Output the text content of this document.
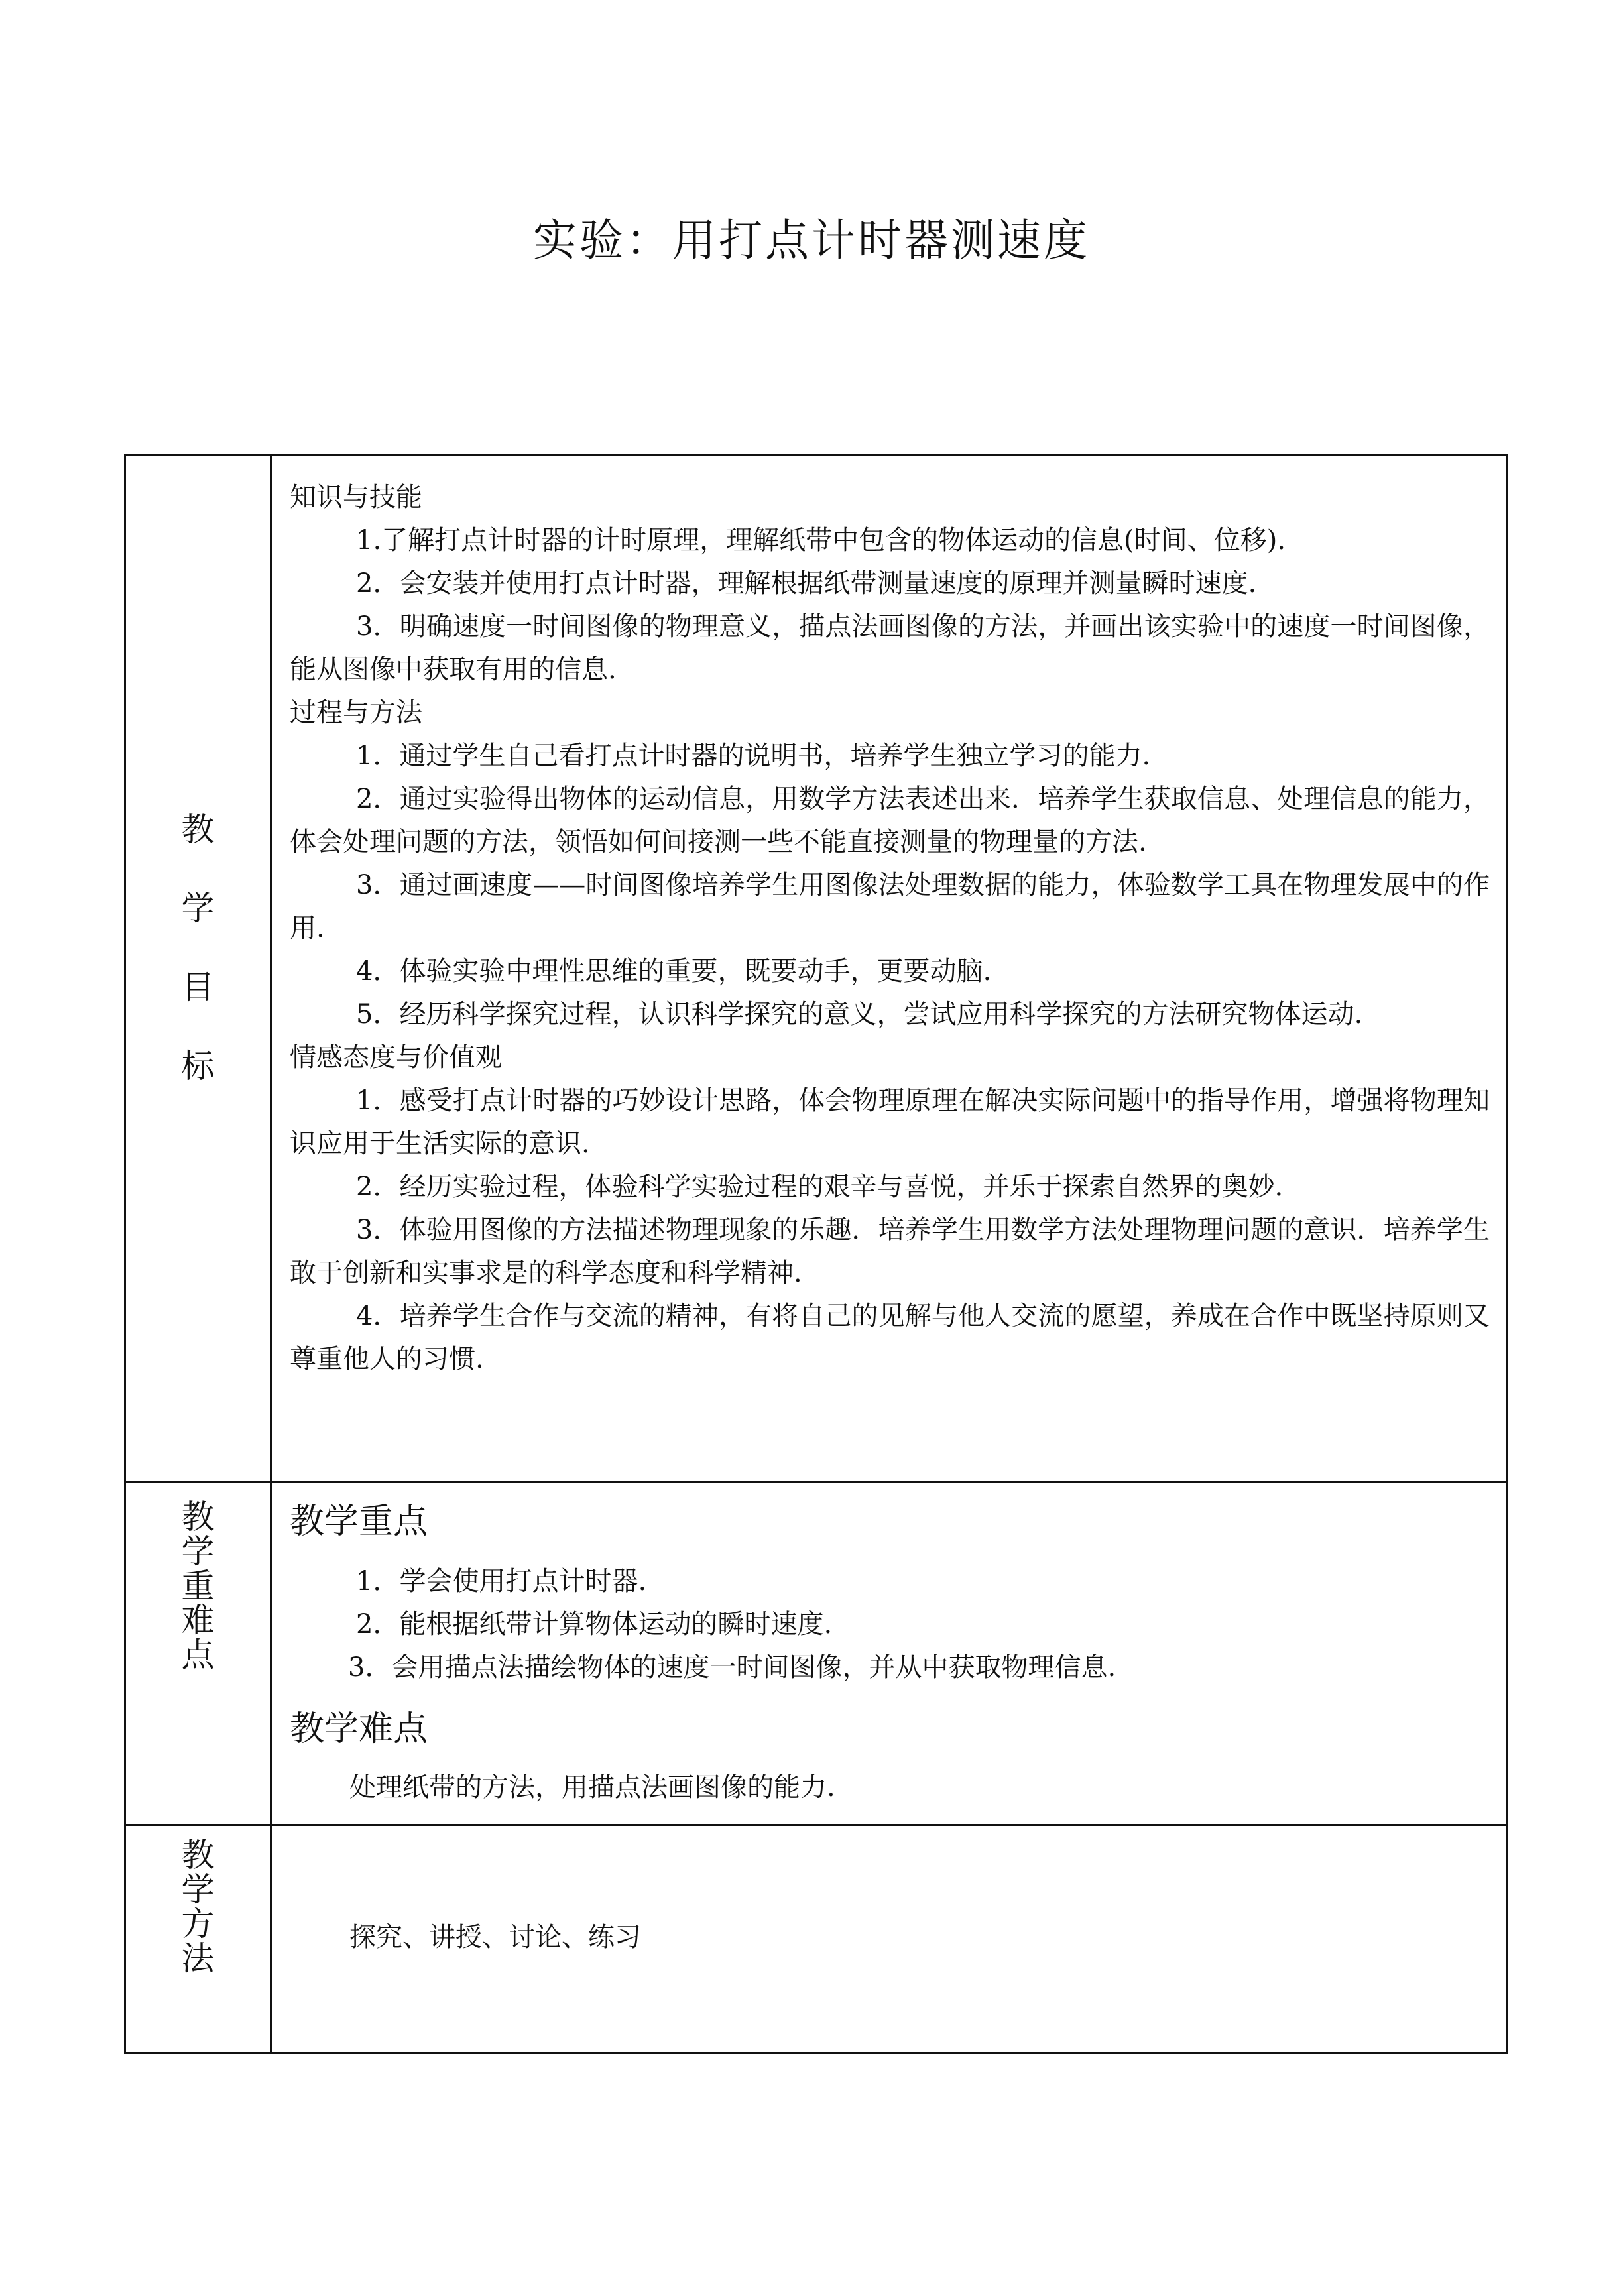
实验：用打点计时器测速度
教
学
目
标

知识与技能

1.了解打点计时器的计时原理，理解纸带中包含的物体运动的信息(时间、位移).

2．会安装并使用打点计时器，理解根据纸带测量速度的原理并测量瞬时速度.

3．明确速度一时间图像的物理意义，描点法画图像的方法，并画出该实验中的速度一时间图像，能从图像中获取有用的信息.

过程与方法

1．通过学生自己看打点计时器的说明书，培养学生独立学习的能力.

2．通过实验得出物体的运动信息，用数学方法表述出来．培养学生获取信息、处理信息的能力，体会处理问题的方法，领悟如何间接测一些不能直接测量的物理量的方法.

3．通过画速度——时间图像培养学生用图像法处理数据的能力，体验数学工具在物理发展中的作用.

4．体验实验中理性思维的重要，既要动手，更要动脑.

5．经历科学探究过程，认识科学探究的意义，尝试应用科学探究的方法研究物体运动.

情感态度与价值观

1．感受打点计时器的巧妙设计思路，体会物理原理在解决实际问题中的指导作用，增强将物理知识应用于生活实际的意识.

2．经历实验过程，体验科学实验过程的艰辛与喜悦，并乐于探索自然界的奥妙.

3．体验用图像的方法描述物理现象的乐趣．培养学生用数学方法处理物理问题的意识．培养学生敢于创新和实事求是的科学态度和科学精神.

4．培养学生合作与交流的精神，有将自己的见解与他人交流的愿望，养成在合作中既坚持原则又尊重他人的习惯.

教
学
重
难
点

教学重点

1．学会使用打点计时器.

2．能根据纸带计算物体运动的瞬时速度.

3．会用描点法描绘物体的速度一时间图像，并从中获取物理信息.

教学难点

处理纸带的方法，用描点法画图像的能力.

教
学
方
法

探究、讲授、讨论、练习
